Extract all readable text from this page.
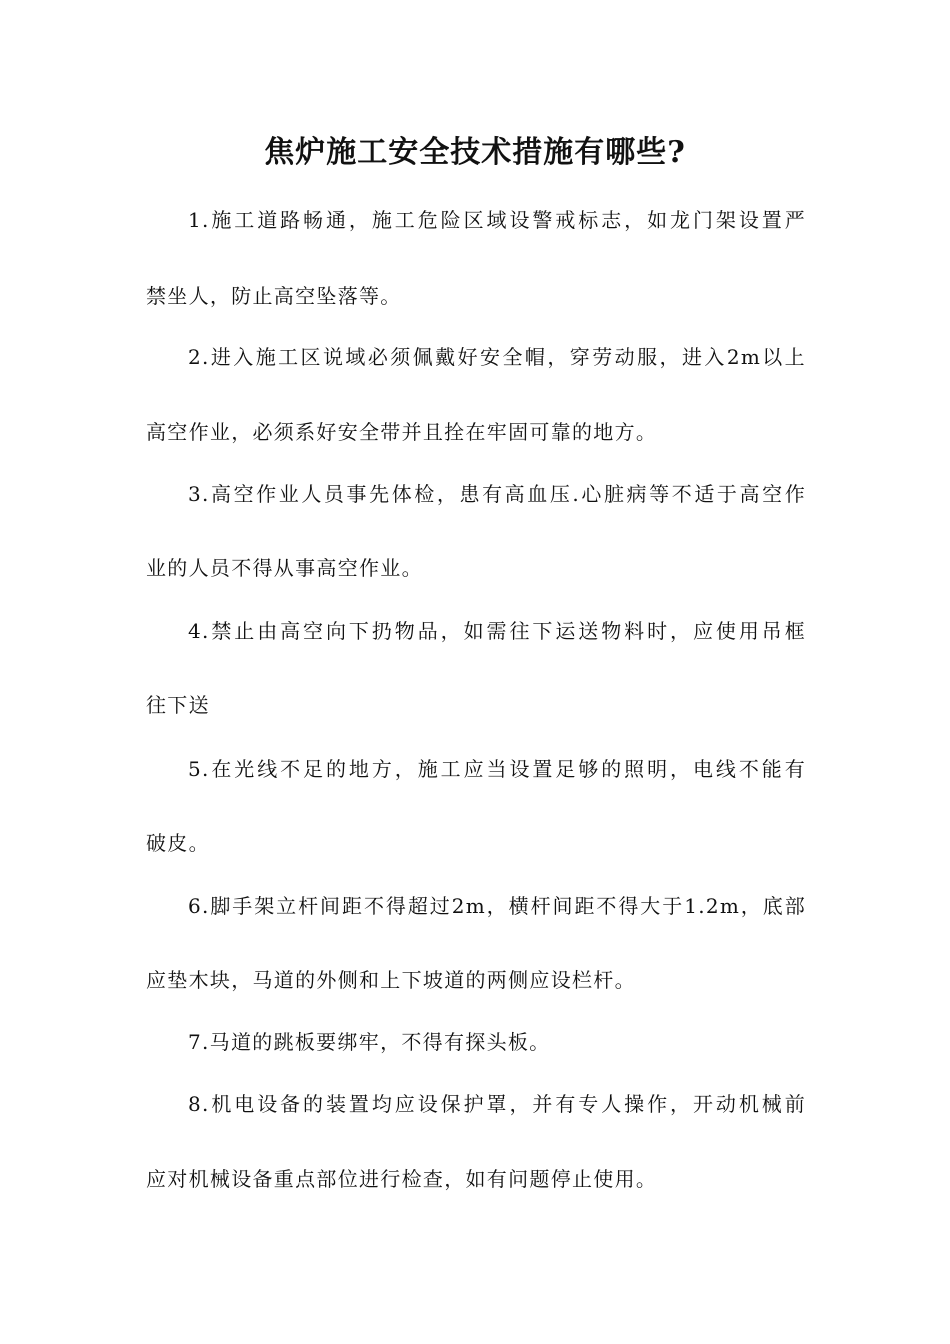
焦炉施工安全技术措施有哪些?

1.施工道路畅通，施工危险区域设警戒标志，如龙门架设置严

禁坐人，防止高空坠落等。

2.进入施工区说域必须佩戴好安全帽，穿劳动服，进入2m以上

高空作业，必须系好安全带并且拴在牢固可靠的地方。

3.高空作业人员事先体检，患有高血压.心脏病等不适于高空作

业的人员不得从事高空作业。

4.禁止由高空向下扔物品，如需往下运送物料时，应使用吊框

往下送

5.在光线不足的地方，施工应当设置足够的照明，电线不能有

破皮。

6.脚手架立杆间距不得超过2m，横杆间距不得大于1.2m，底部

应垫木块，马道的外侧和上下坡道的两侧应设栏杆。

7.马道的跳板要绑牢，不得有探头板。

8.机电设备的装置均应设保护罩，并有专人操作，开动机械前

应对机械设备重点部位进行检查，如有问题停止使用。
